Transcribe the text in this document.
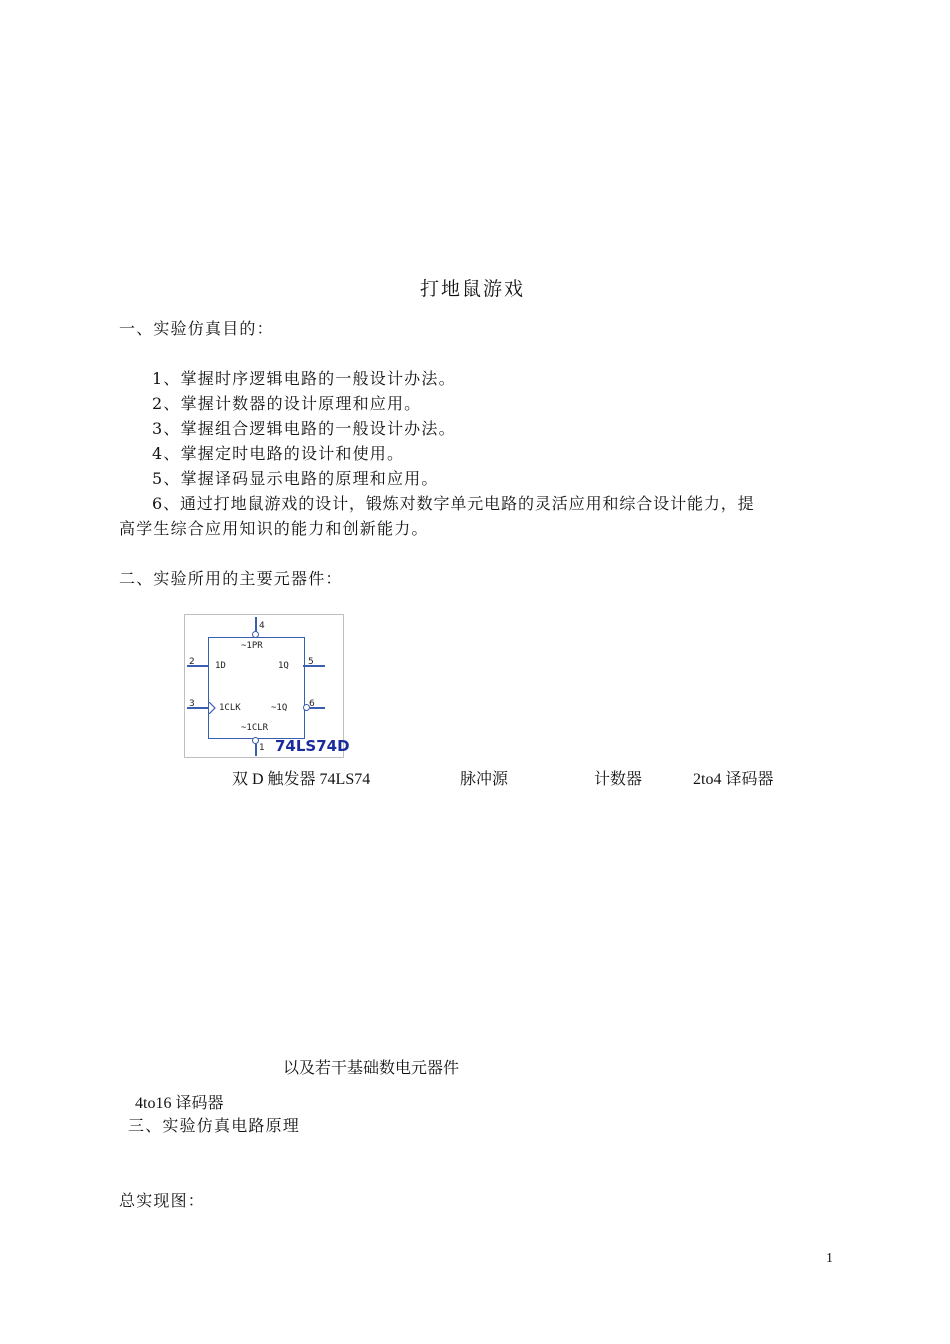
打地鼠游戏
一、实验仿真目的：
1、掌握时序逻辑电路的一般设计办法。
2、掌握计数器的设计原理和应用。
3、掌握组合逻辑电路的一般设计办法。
4、掌握定时电路的设计和使用。
5、掌握译码显示电路的原理和应用。
6、通过打地鼠游戏的设计，锻炼对数字单元电路的灵活应用和综合设计能力，提
高学生综合应用知识的能力和创新能力。
二、实验所用的主要元器件：
4
2	5
3	6
1
~1PR
1D	1Q
1CLK	~1Q
~1CLR
74LS74D
双 D 触发器 74LS74	脉冲源	计数器	2to4 译码器
以及若干基础数电元器件
4to16 译码器
三、实验仿真电路原理
总实现图：
1
